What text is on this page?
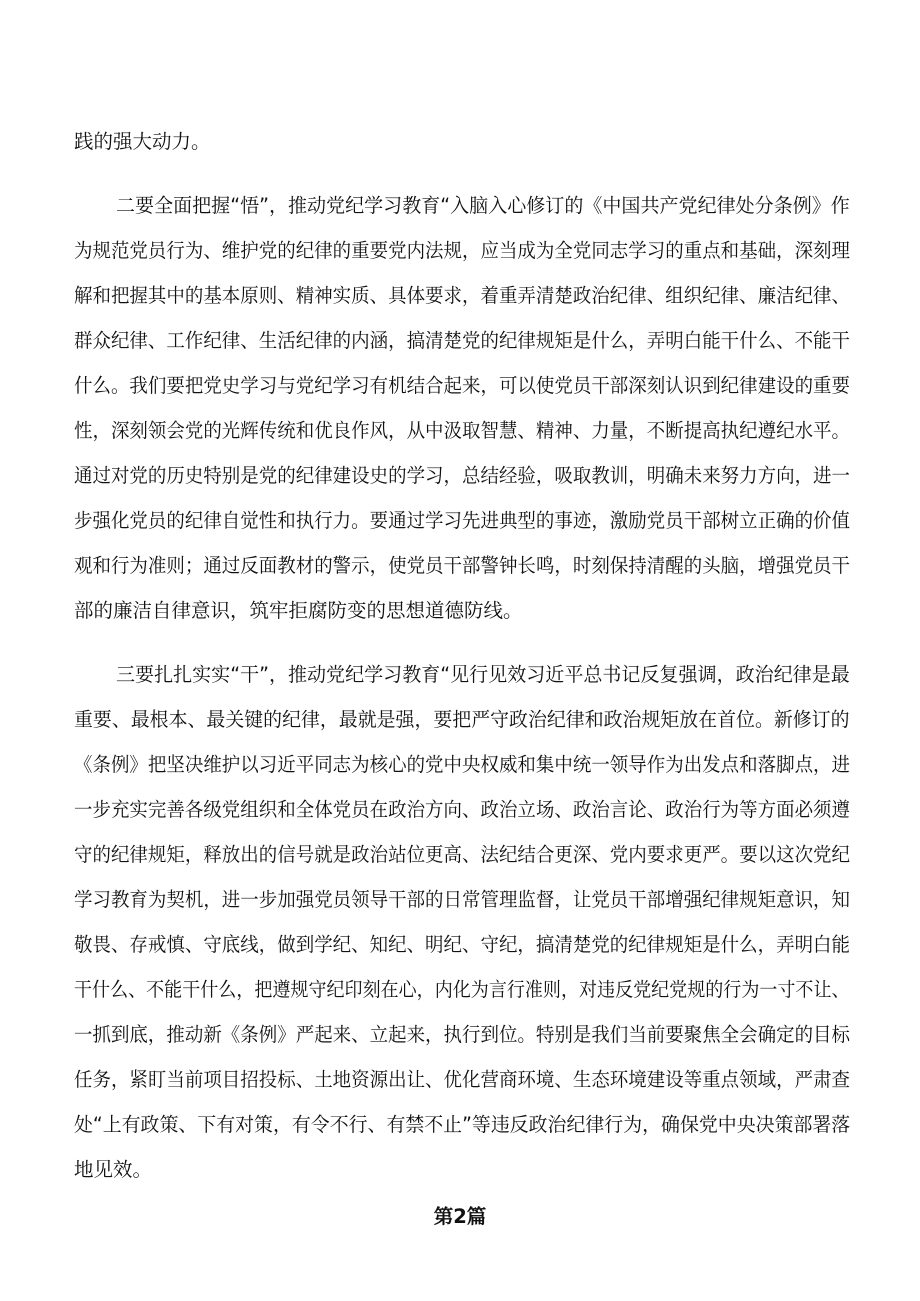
践的强大动力。
二要全面把握“悟”，推动党纪学习教育“入脑入心修订的《中国共产党纪律处分条例》作
为规范党员行为、维护党的纪律的重要党内法规，应当成为全党同志学习的重点和基础，深刻理
解和把握其中的基本原则、精神实质、具体要求，着重弄清楚政治纪律、组织纪律、廉洁纪律、
群众纪律、工作纪律、生活纪律的内涵，搞清楚党的纪律规矩是什么，弄明白能干什么、不能干
什么。我们要把党史学习与党纪学习有机结合起来，可以使党员干部深刻认识到纪律建设的重要
性，深刻领会党的光辉传统和优良作风，从中汲取智慧、精神、力量，不断提高执纪遵纪水平。
通过对党的历史特别是党的纪律建设史的学习，总结经验，吸取教训，明确未来努力方向，进一
步强化党员的纪律自觉性和执行力。要通过学习先进典型的事迹，激励党员干部树立正确的价值
观和行为准则；通过反面教材的警示，使党员干部警钟长鸣，时刻保持清醒的头脑，增强党员干
部的廉洁自律意识，筑牢拒腐防变的思想道德防线。
三要扎扎实实“干”，推动党纪学习教育“见行见效习近平总书记反复强调，政治纪律是最
重要、最根本、最关键的纪律，最就是强，要把严守政治纪律和政治规矩放在首位。新修订的
《条例》把坚决维护以习近平同志为核心的党中央权威和集中统一领导作为出发点和落脚点，进
一步充实完善各级党组织和全体党员在政治方向、政治立场、政治言论、政治行为等方面必须遵
守的纪律规矩，释放出的信号就是政治站位更高、法纪结合更深、党内要求更严。要以这次党纪
学习教育为契机，进一步加强党员领导干部的日常管理监督，让党员干部增强纪律规矩意识，知
敬畏、存戒慎、守底线，做到学纪、知纪、明纪、守纪，搞清楚党的纪律规矩是什么，弄明白能
干什么、不能干什么，把遵规守纪印刻在心，内化为言行准则，对违反党纪党规的行为一寸不让、
一抓到底，推动新《条例》严起来、立起来，执行到位。特别是我们当前要聚焦全会确定的目标
任务，紧盯当前项目招投标、土地资源出让、优化营商环境、生态环境建设等重点领域，严肃查
处“上有政策、下有对策，有令不行、有禁不止”等违反政治纪律行为，确保党中央决策部署落
地见效。
第2篇
